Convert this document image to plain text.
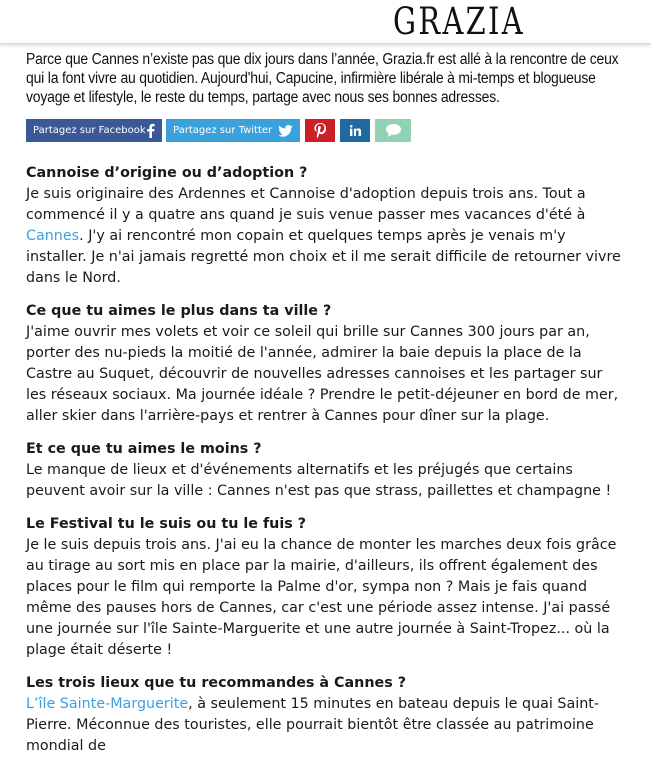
GRAZIA
Parce que Cannes n’existe pas que dix jours dans l’année, Grazia.fr est allé à la rencontre de ceux qui la font vivre au quotidien. Aujourd'hui, Capucine, infirmière libérale à mi-temps et blogueuse voyage et lifestyle, le reste du temps, partage avec nous ses bonnes adresses.
Partagez sur Facebook	Partagez sur Twitter
Cannoise d’origine ou d’adoption ?

Je suis originaire des Ardennes et Cannoise d'adoption depuis trois ans. Tout a commencé il y a quatre ans quand je suis venue passer mes vacances d'été à Cannes. J'y ai rencontré mon copain et quelques temps après je venais m'y installer. Je n'ai jamais regretté mon choix et il me serait difficile de retourner vivre dans le Nord.

Ce que tu aimes le plus dans ta ville ?

J'aime ouvrir mes volets et voir ce soleil qui brille sur Cannes 300 jours par an, porter des nu-pieds la moitié de l'année, admirer la baie depuis la place de la Castre au Suquet, découvrir de nouvelles adresses cannoises et les partager sur les réseaux sociaux. Ma journée idéale ? Prendre le petit-déjeuner en bord de mer, aller skier dans l'arrière-pays et rentrer à Cannes pour dîner sur la plage.

Et ce que tu aimes le moins ?

Le manque de lieux et d'événements alternatifs et les préjugés que certains peuvent avoir sur la ville : Cannes n'est pas que strass, paillettes et champagne !

Le Festival tu le suis ou tu le fuis ?

Je le suis depuis trois ans. J'ai eu la chance de monter les marches deux fois grâce au tirage au sort mis en place par la mairie, d'ailleurs, ils offrent également des places pour le film qui remporte la Palme d'or, sympa non ? Mais je fais quand même des pauses hors de Cannes, car c'est une période assez intense. J'ai passé une journée sur l'île Sainte-Marguerite et une autre journée à Saint-Tropez... où la plage était déserte !

Les trois lieux que tu recommandes à Cannes ?

L’île Sainte-Marguerite, à seulement 15 minutes en bateau depuis le quai Saint-Pierre. Méconnue des touristes, elle pourrait bientôt être classée au patrimoine mondial de
